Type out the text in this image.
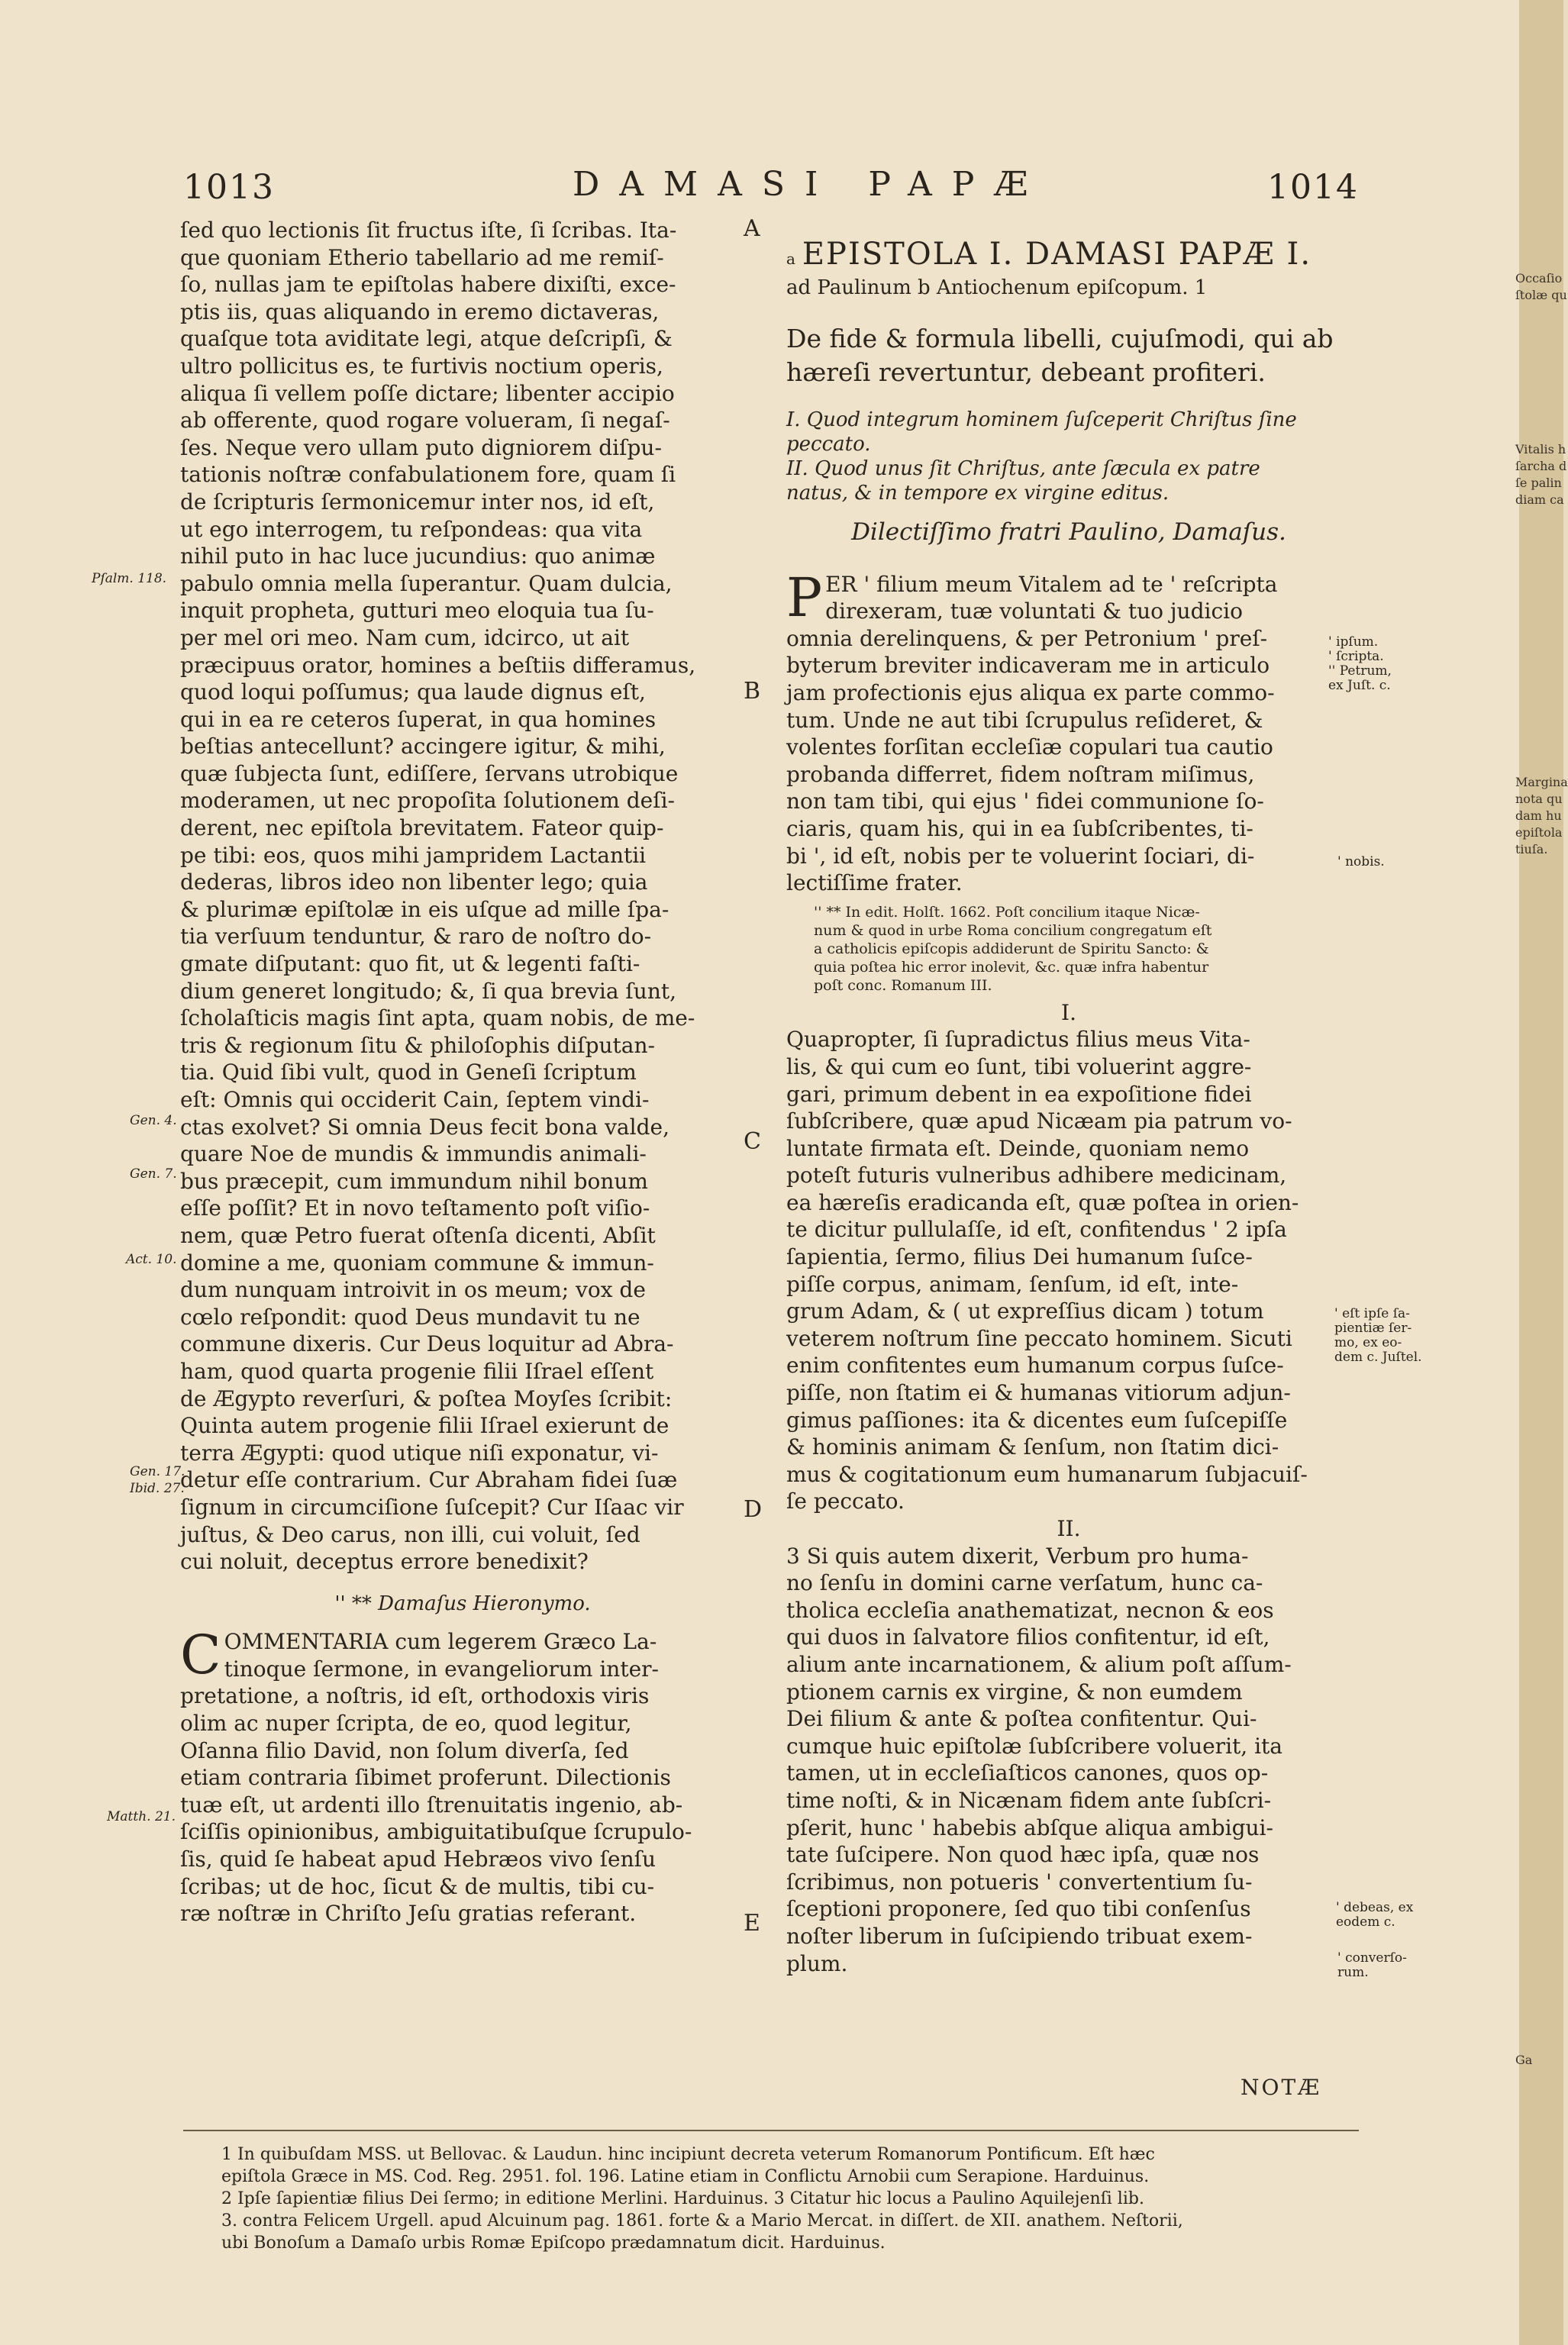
1013	DAMASI PAPÆ	1014
ſed quo lectionis ſit fructus iſte, ſi ſcribas. Ita-
que quoniam Etherio tabellario ad me remiſ-
ſo, nullas jam te epiſtolas habere dixiſti, exce-
ptis iis, quas aliquando in eremo dictaveras,
quaſque tota aviditate legi, atque deſcripſi, &
ultro pollicitus es, te furtivis noctium operis,
aliqua ſi vellem poſſe dictare; libenter accipio
ab offerente, quod rogare volueram, ſi negaſ-
ſes. Neque vero ullam puto digniorem diſpu-
tationis noſtræ confabulationem fore, quam ſi
de ſcripturis ſermonicemur inter nos, id eſt,
ut ego interrogem, tu reſpondeas: qua vita
nihil puto in hac luce jucundius: quo animæ
pabulo omnia mella ſuperantur. Quam dulcia,
inquit propheta, gutturi meo eloquia tua ſu-
per mel ori meo. Nam cum, idcirco, ut ait
præcipuus orator, homines a beſtiis differamus,
quod loqui poſſumus; qua laude dignus eſt,
qui in ea re ceteros ſuperat, in qua homines
beſtias antecellunt? accingere igitur, & mihi,
quæ ſubjecta ſunt, ediſſere, ſervans utrobique
moderamen, ut nec propoſita ſolutionem deſi-
derent, nec epiſtola brevitatem. Fateor quip-
pe tibi: eos, quos mihi jampridem Lactantii
dederas, libros ideo non libenter lego; quia
& plurimæ epiſtolæ in eis uſque ad mille ſpa-
tia verſuum tenduntur, & raro de noſtro do-
gmate diſputant: quo fit, ut & legenti faſti-
dium generet longitudo; &, ſi qua brevia ſunt,
ſcholaſticis magis ſint apta, quam nobis, de me-
tris & regionum ſitu & philoſophis diſputan-
tia. Quid ſibi vult, quod in Geneſi ſcriptum
eſt: Omnis qui occiderit Cain, ſeptem vindi-
ctas exolvet? Si omnia Deus fecit bona valde,
quare Noe de mundis & immundis animali-
bus præcepit, cum immundum nihil bonum
eſſe poſſit? Et in novo teſtamento poſt viſio-
nem, quæ Petro fuerat oſtenſa dicenti, Abſit
domine a me, quoniam commune & immun-
dum nunquam introivit in os meum; vox de
cœlo reſpondit: quod Deus mundavit tu ne
commune dixeris. Cur Deus loquitur ad Abra-
ham, quod quarta progenie filii Iſrael eſſent
de Ægypto reverſuri, & poſtea Moyſes ſcribit:
Quinta autem progenie filii Iſrael exierunt de
terra Ægypti: quod utique niſi exponatur, vi-
detur eſſe contrarium. Cur Abraham fidei ſuæ
ſignum in circumciſione ſuſcepit? Cur Iſaac vir
juſtus, & Deo carus, non illi, cui voluit, ſed
cui noluit, deceptus errore benedixit?
'' ** Damaſus Hieronymo.
C OMMENTARIA cum legerem Græco La-
tinoque ſermone, in evangeliorum inter-
pretatione, a noſtris, id eſt, orthodoxis viris
olim ac nuper ſcripta, de eo, quod legitur,
Oſanna filio David, non ſolum diverſa, ſed
etiam contraria ſibimet proferunt. Dilectionis
tuæ eſt, ut ardenti illo ſtrenuitatis ingenio, ab-
ſciſſis opinionibus, ambiguitatibuſque ſcrupulo-
ſis, quid ſe habeat apud Hebræos vivo ſenſu
ſcribas; ut de hoc, ſicut & de multis, tibi cu-
ræ noſtræ in Chriſto Jeſu gratias referant.
Pſalm. 118.
Gen. 4.
Gen. 7.
Act. 10.
Gen. 17.
Ibid. 27.
Matth. 21.
A
B
C
D
E
a EPISTOLA I. DAMASI PAPÆ I.
ad Paulinum b Antiochenum epiſcopum. 1
De fide & formula libelli, cujuſmodi, qui ab
hæreſi revertuntur, debeant profiteri.
I. Quod integrum hominem ſuſceperit Chriſtus ſine
peccato.
II. Quod unus ſit Chriſtus, ante ſæcula ex patre
natus, & in tempore ex virgine editus.
Dilectiſſimo fratri Paulino, Damaſus.
P ER ' filium meum Vitalem ad te ' reſcripta
direxeram, tuæ voluntati & tuo judicio
omnia derelinquens, & per Petronium ' preſ-
byterum breviter indicaveram me in articulo
jam profectionis ejus aliqua ex parte commo-
tum. Unde ne aut tibi ſcrupulus reſideret, &
volentes forſitan eccleſiæ copulari tua cautio
probanda differret, fidem noſtram miſimus,
non tam tibi, qui ejus ' fidei communione ſo-
ciaris, quam his, qui in ea ſubſcribentes, ti-
bi ', id eſt, nobis per te voluerint ſociari, di-
lectiſſime frater.
'' ** In edit. Holſt. 1662. Poſt concilium itaque Nicæ-
num & quod in urbe Roma concilium congregatum eſt
a catholicis epiſcopis addiderunt de Spiritu Sancto: &
quia poſtea hic error inolevit, &c. quæ infra habentur
poſt conc. Romanum III.
I.
Quapropter, ſi ſupradictus filius meus Vita-
lis, & qui cum eo ſunt, tibi voluerint aggre-
gari, primum debent in ea expoſitione fidei
ſubſcribere, quæ apud Nicæam pia patrum vo-
luntate firmata eſt. Deinde, quoniam nemo
poteſt futuris vulneribus adhibere medicinam,
ea hæreſis eradicanda eſt, quæ poſtea in orien-
te dicitur pullulaſſe, id eſt, confitendus ' 2 ipſa
ſapientia, ſermo, filius Dei humanum ſuſce-
piſſe corpus, animam, ſenſum, id eſt, inte-
grum Adam, & ( ut expreſſius dicam ) totum
veterem noſtrum ſine peccato hominem. Sicuti
enim confitentes eum humanum corpus ſuſce-
piſſe, non ſtatim ei & humanas vitiorum adjun-
gimus paſſiones: ita & dicentes eum ſuſcepiſſe
& hominis animam & ſenſum, non ſtatim dici-
mus & cogitationum eum humanarum ſubjacuiſ-
ſe peccato.
II.
3 Si quis autem dixerit, Verbum pro huma-
no ſenſu in domini carne verſatum, hunc ca-
tholica eccleſia anathematizat, necnon & eos
qui duos in ſalvatore filios confitentur, id eſt,
alium ante incarnationem, & alium poſt aſſum-
ptionem carnis ex virgine, & non eumdem
Dei filium & ante & poſtea confitentur. Qui-
cumque huic epiſtolæ ſubſcribere voluerit, ita
tamen, ut in eccleſiaſticos canones, quos op-
time noſti, & in Nicænam fidem ante ſubſcri-
pſerit, hunc ' habebis abſque aliqua ambigui-
tate ſuſcipere. Non quod hæc ipſa, quæ nos
ſcribimus, non potueris ' convertentium ſu-
ſceptioni proponere, ſed quo tibi conſenſus
noſter liberum in ſuſcipiendo tribuat exem-
plum.
' ipſum.
' ſcripta.
'' Petrum,
ex Juſt. c.
' nobis.
' eſt ipſe ſa-
pientiæ ſer-
mo, ex eo-
dem c. Juſtel.
' debeas, ex
eodem c.
' converſo-
rum.
NOTÆ
1 In quibuſdam MSS. ut Bellovac. & Laudun. hinc incipiunt decreta veterum Romanorum Pontificum. Eſt hæc
epiſtola Græce in MS. Cod. Reg. 2951. fol. 196. Latine etiam in Conflictu Arnobii cum Serapione. Harduinus.
2 Ipſe ſapientiæ filius Dei ſermo; in editione Merlini. Harduinus. 3 Citatur hic locus a Paulino Aquilejenſi lib.
3. contra Felicem Urgell. apud Alcuinum pag. 1861. forte & a Mario Mercat. in diſſert. de XII. anathem. Neſtorii,
ubi Bonoſum a Damaſo urbis Romæ Epiſcopo prædamnatum dicit. Harduinus.
Occaſio
ſtolæ qu
Vitalis h
ſarcha d
ſe palin
diam ca
Margina
nota qu
dam hu
epiſtola
tiuſa.
Ga
